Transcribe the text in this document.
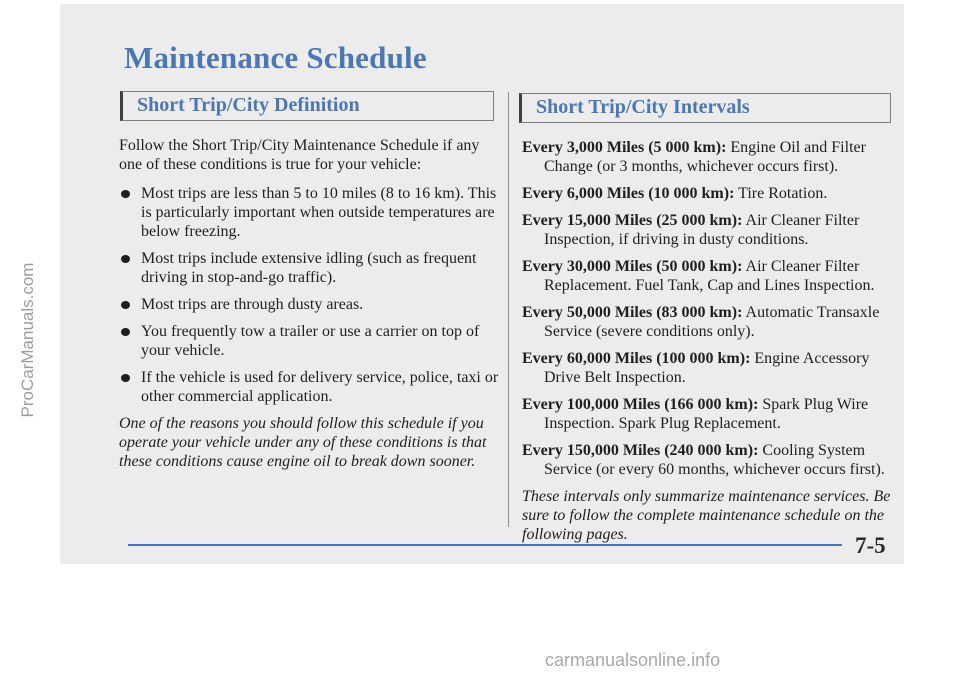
ProCarManuals.com
Maintenance Schedule
Short Trip/City Definition	Short Trip/City Intervals

Follow the Short Trip/City Maintenance Schedule if any one of these conditions is true for your vehicle:

Most trips are less than 5 to 10 miles (8 to 16 km). This is particularly important when outside temperatures are below freezing.
Most trips include extensive idling (such as frequent driving in stop-and-go traffic).
Most trips are through dusty areas.
You frequently tow a trailer or use a carrier on top of your vehicle.
If the vehicle is used for delivery service, police, taxi or other commercial application.

One of the reasons you should follow this schedule if you operate your vehicle under any of these conditions is that these conditions cause engine oil to break down sooner.

Every 3,000 Miles (5 000 km): Engine Oil and Filter Change (or 3 months, whichever occurs first).

Every 6,000 Miles (10 000 km): Tire Rotation.

Every 15,000 Miles (25 000 km): Air Cleaner Filter Inspection, if driving in dusty conditions.

Every 30,000 Miles (50 000 km): Air Cleaner Filter Replacement. Fuel Tank, Cap and Lines Inspection.

Every 50,000 Miles (83 000 km): Automatic Transaxle Service (severe conditions only).

Every 60,000 Miles (100 000 km): Engine Accessory Drive Belt Inspection.

Every 100,000 Miles (166 000 km): Spark Plug Wire Inspection. Spark Plug Replacement.

Every 150,000 Miles (240 000 km): Cooling System Service (or every 60 months, whichever occurs first).

These intervals only summarize maintenance services. Be sure to follow the complete maintenance schedule on the following pages.	7-5
carmanualsonline.info
